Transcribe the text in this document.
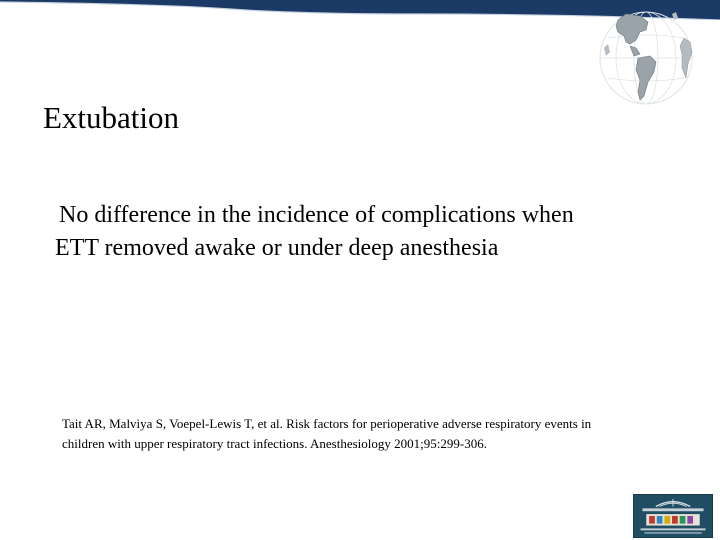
Extubation
No difference in the incidence of complications when
ETT removed awake or under deep anesthesia
Tait AR, Malviya S, Voepel-Lewis T, et al. Risk factors for perioperative adverse respiratory events in
children with upper respiratory tract infections. Anesthesiology 2001;95:299-306.
